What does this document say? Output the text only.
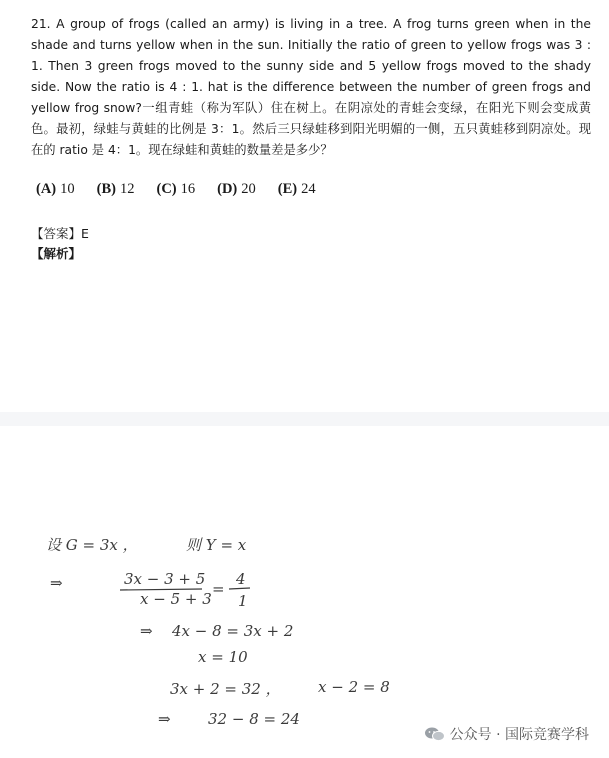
21. A group of frogs (called an army) is living in a tree. A frog turns green when in the shade and turns yellow when in the sun. Initially the ratio of green to yellow frogs was 3 : 1. Then 3 green frogs moved to the sunny side and 5 yellow frogs moved to the shady side. Now the ratio is 4 : 1. hat is the difference between the number of green frogs and yellow frog snow?一组青蛙（称为军队）住在树上。在阴凉处的青蛙会变绿，在阳光下则会变成黄色。最初，绿蛙与黄蛙的比例是 3：1。然后三只绿蛙移到阳光明媚的一侧，五只黄蛙移到阴凉处。现在的 ratio 是 4：1。现在绿蛙和黄蛙的数量差是多少？

(A) 10 (B) 12 (C) 16 (D) 20 (E) 24
【答案】E
【解析】
设 G = 3x ，	则 Y = x
⇒	3x − 3 + 5
x − 5 + 3
=
4
1
⇒ 4x − 8 = 3x + 2
x = 10
3x + 2 = 32 ， x − 2 = 8
⇒ 32 − 8 = 24
公众号 · 国际竞赛学科
